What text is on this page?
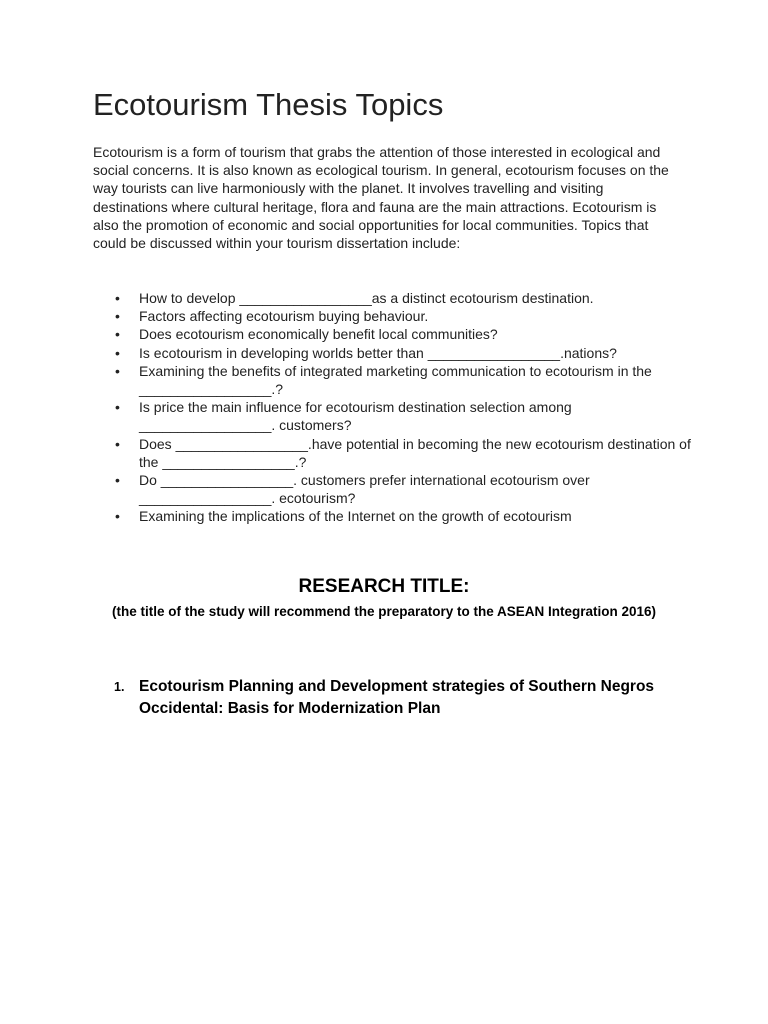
Ecotourism Thesis Topics

Ecotourism is a form of tourism that grabs the attention of those interested in ecological and social concerns. It is also known as ecological tourism. In general, ecotourism focuses on the way tourists can live harmoniously with the planet. It involves travelling and visiting destinations where cultural heritage, flora and fauna are the main attractions. Ecotourism is also the promotion of economic and social opportunities for local communities. Topics that could be discussed within your tourism dissertation include:

• How to develop _________________as a distinct ecotourism destination.
• Factors affecting ecotourism buying behaviour.
• Does ecotourism economically benefit local communities?
• Is ecotourism in developing worlds better than _________________.nations?
• Examining the benefits of integrated marketing communication to ecotourism in the _________________.?
• Is price the main influence for ecotourism destination selection among _________________. customers?
• Does _________________.have potential in becoming the new ecotourism destination of the _________________.?
• Do _________________. customers prefer international ecotourism over _________________. ecotourism?
• Examining the implications of the Internet on the growth of ecotourism
RESEARCH TITLE:

(the title of the study will recommend the preparatory to the ASEAN Integration 2016)

1. Ecotourism Planning and Development strategies of Southern Negros Occidental: Basis for Modernization Plan
